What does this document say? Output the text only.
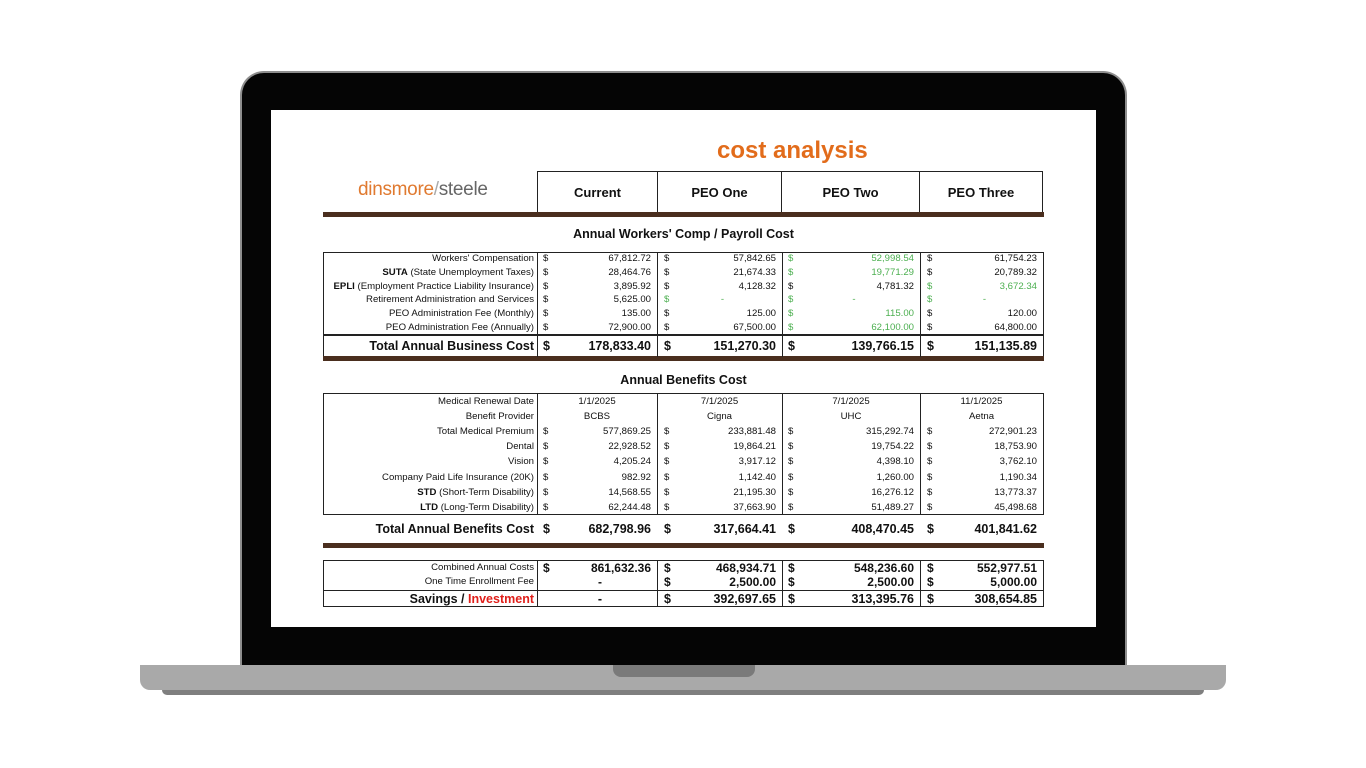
cost analysis
dinsmore/steele	Current	PEO One	PEO Two	PEO Three
Annual Workers' Comp / Payroll Cost
Annual Benefits Cost
Workers' Compensation $	67,812.72 $	57,842.65 $	52,998.54 $	61,754.23
SUTA (State Unemployment Taxes) $	28,464.76 $	21,674.33 $	19,771.29 $	20,789.32
EPLI (Employment Practice Liability Insurance) $	3,895.92 $	4,128.32 $	4,781.32 $	3,672.34
Retirement Administration and Services $	5,625.00 $	-	$	-	$	-
PEO Administration Fee (Monthly) $	135.00 $	125.00 $	115.00 $	120.00
PEO Administration Fee (Annually) $	72,900.00 $	67,500.00 $	62,100.00 $	64,800.00
Total Annual Business Cost $	178,833.40 $	151,270.30 $	139,766.15 $	151,135.89
Medical Renewal Date	1/1/2025	7/1/2025	7/1/2025	11/1/2025
Benefit Provider	BCBS	Cigna	UHC	Aetna
Total Medical Premium $	577,869.25 $	233,881.48 $	315,292.74 $	272,901.23
Dental $	22,928.52 $	19,864.21 $	19,754.22 $	18,753.90
Vision $	4,205.24 $	3,917.12 $	4,398.10 $	3,762.10
Company Paid Life Insurance (20K) $	982.92 $	1,142.40 $	1,260.00 $	1,190.34
STD (Short-Term Disability) $	14,568.55 $	21,195.30 $	16,276.12 $	13,773.37
LTD (Long-Term Disability) $	62,244.48 $	37,663.90 $	51,489.27 $	45,498.68
Total Annual Benefits Cost $	682,798.96 $	317,664.41 $	408,470.45 $	401,841.62
Combined Annual Costs $	861,632.36 $	468,934.71 $	548,236.60 $	552,977.51
One Time Enrollment Fee	-	$	2,500.00 $	2,500.00 $	5,000.00
Savings / Investment	-	$	392,697.65 $	313,395.76 $	308,654.85
